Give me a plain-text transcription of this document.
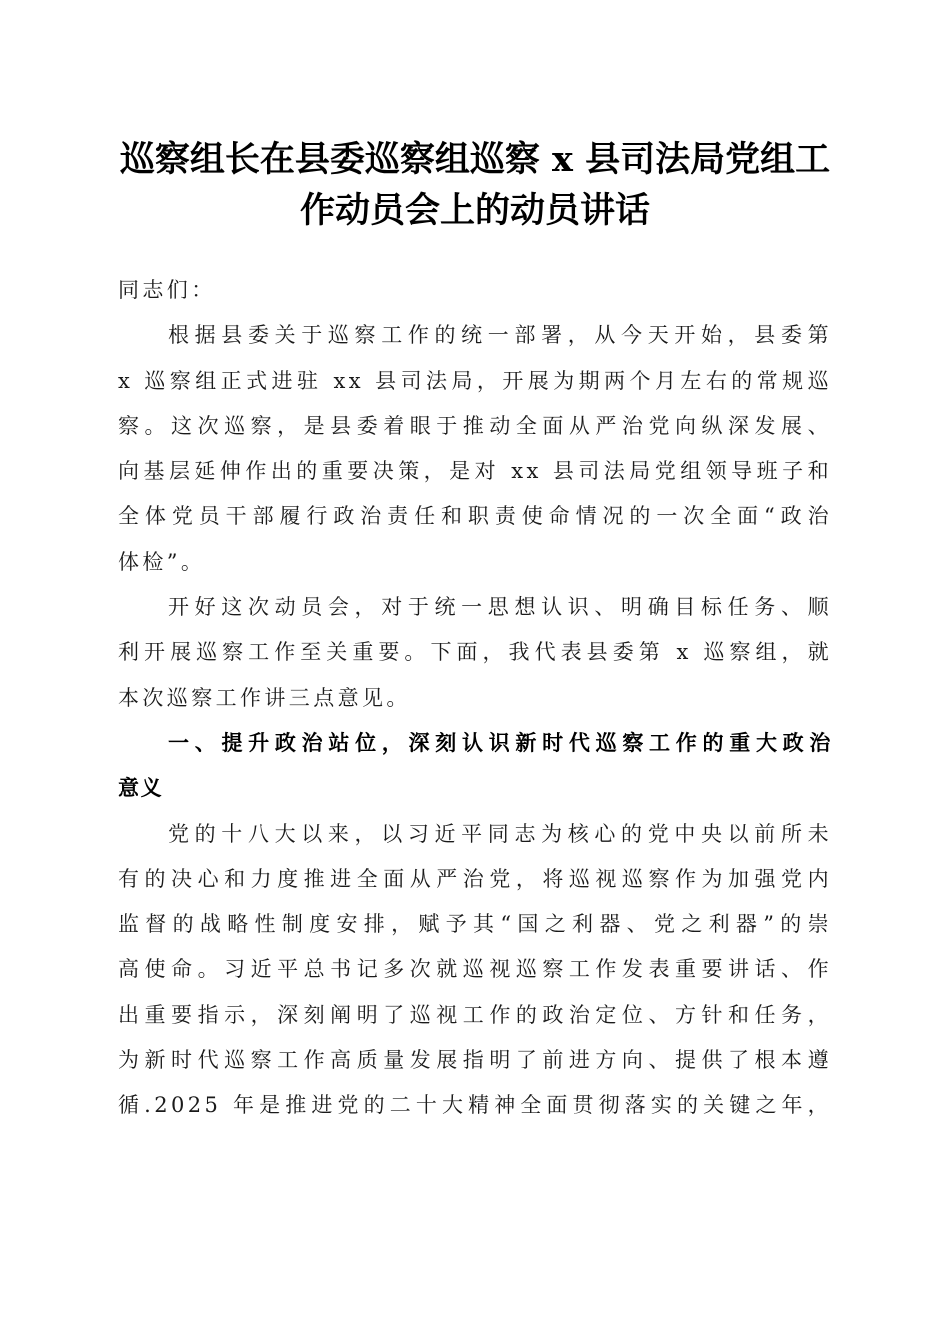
巡察组长在县委巡察组巡察 x 县司法局党组工
作动员会上的动员讲话

同志们：

根据县委关于巡察工作的统一部署，从今天开始，县委第
x 巡察组正式进驻 xx 县司法局，开展为期两个月左右的常规巡
察。这次巡察，是县委着眼于推动全面从严治党向纵深发展、
向基层延伸作出的重要决策，是对 xx 县司法局党组领导班子和
全体党员干部履行政治责任和职责使命情况的一次全面“政治
体检”。

开好这次动员会，对于统一思想认识、明确目标任务、顺
利开展巡察工作至关重要。下面，我代表县委第 x 巡察组，就
本次巡察工作讲三点意见。

一、提升政治站位，深刻认识新时代巡察工作的重大政治
意义

党的十八大以来，以习近平同志为核心的党中央以前所未
有的决心和力度推进全面从严治党，将巡视巡察作为加强党内
监督的战略性制度安排，赋予其“国之利器、党之利器”的崇
高使命。习近平总书记多次就巡视巡察工作发表重要讲话、作
出重要指示，深刻阐明了巡视工作的政治定位、方针和任务，
为新时代巡察工作高质量发展指明了前进方向、提供了根本遵
循.2025 年是推进党的二十大精神全面贯彻落实的关键之年，
